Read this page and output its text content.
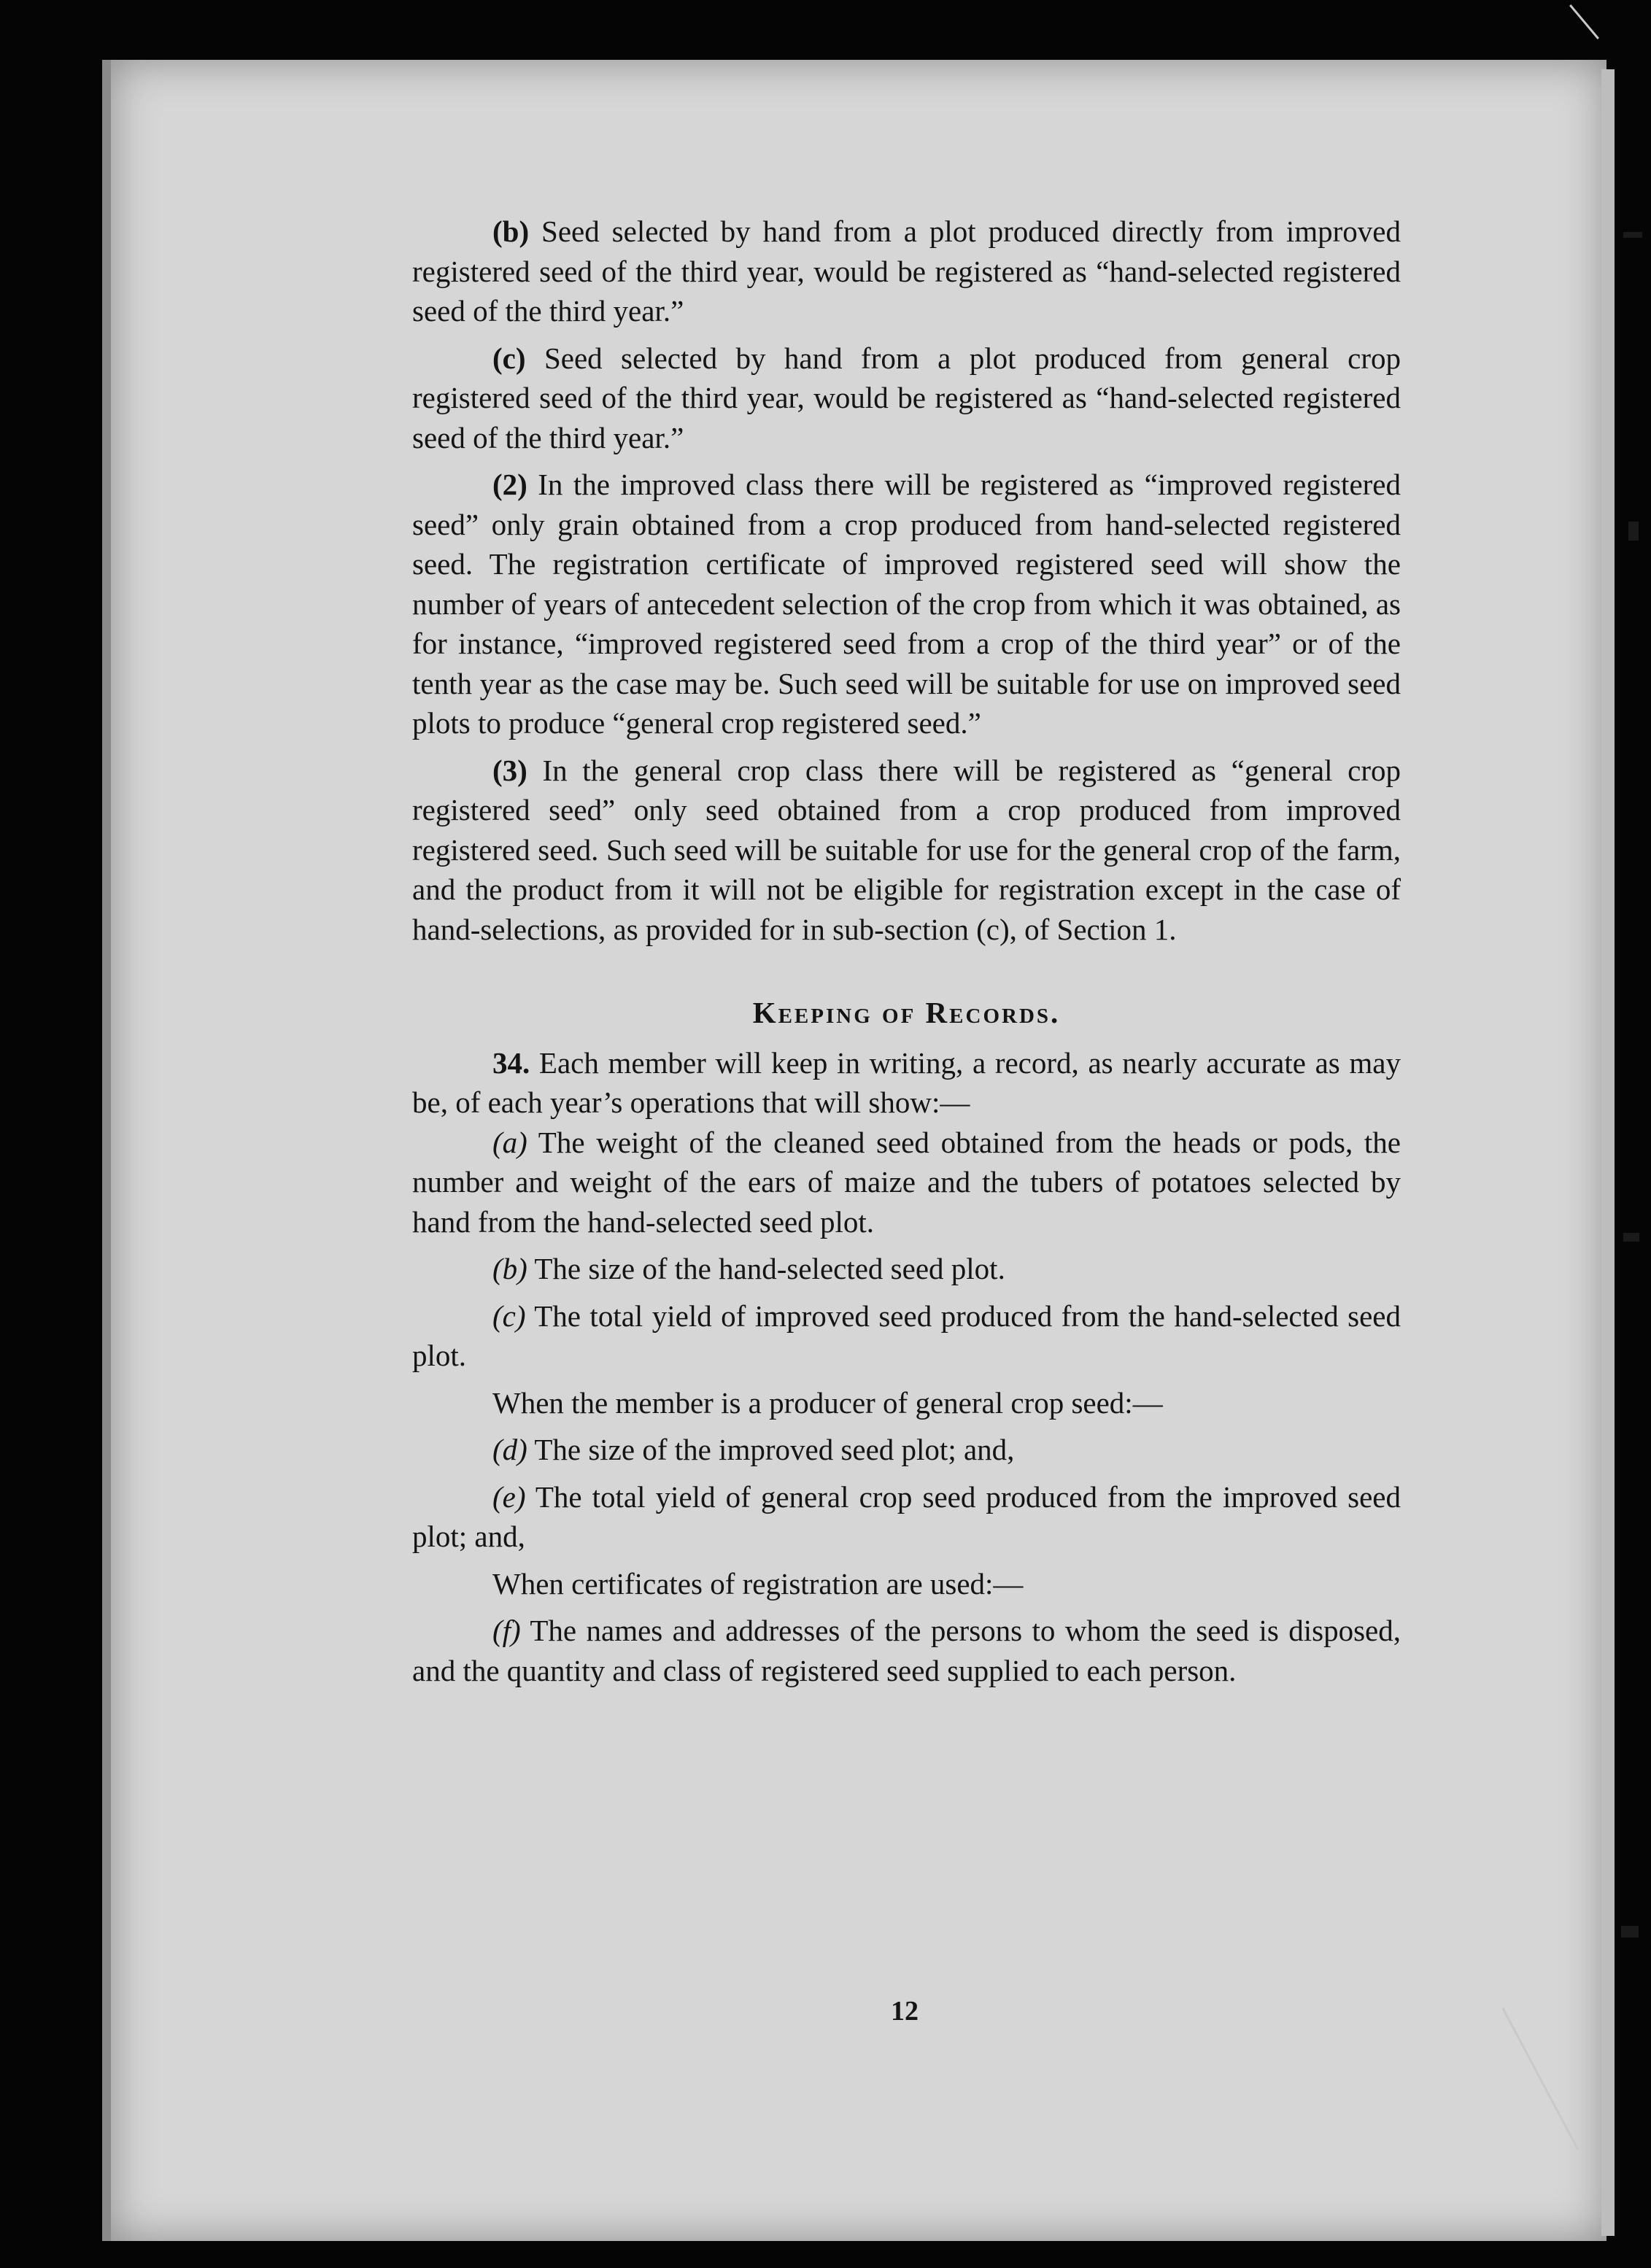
(b) Seed selected by hand from a plot produced directly from improved registered seed of the third year, would be registered as “hand-selected registered seed of the third year.”

(c) Seed selected by hand from a plot produced from general crop registered seed of the third year, would be registered as “hand-selected registered seed of the third year.”

(2) In the improved class there will be registered as “improved registered seed” only grain obtained from a crop produced from hand-selected registered seed. The registration certificate of improved registered seed will show the number of years of antecedent selection of the crop from which it was obtained, as for instance, “improved registered seed from a crop of the third year” or of the tenth year as the case may be. Such seed will be suitable for use on improved seed plots to produce “general crop registered seed.”

(3) In the general crop class there will be registered as “general crop registered seed” only seed obtained from a crop produced from improved registered seed. Such seed will be suitable for use for the general crop of the farm, and the product from it will not be eligible for registration except in the case of hand-selections, as provided for in sub-section (c), of Section 1.

Keeping of Records.

34. Each member will keep in writing, a record, as nearly accurate as may be, of each year’s operations that will show:—

(a) The weight of the cleaned seed obtained from the heads or pods, the number and weight of the ears of maize and the tubers of potatoes selected by hand from the hand-selected seed plot.

(b) The size of the hand-selected seed plot.

(c) The total yield of improved seed produced from the hand-selected seed plot.

When the member is a producer of general crop seed:—

(d) The size of the improved seed plot; and,

(e) The total yield of general crop seed produced from the improved seed plot; and,

When certificates of registration are used:—

(f) The names and addresses of the persons to whom the seed is disposed, and the quantity and class of registered seed supplied to each person.

12
